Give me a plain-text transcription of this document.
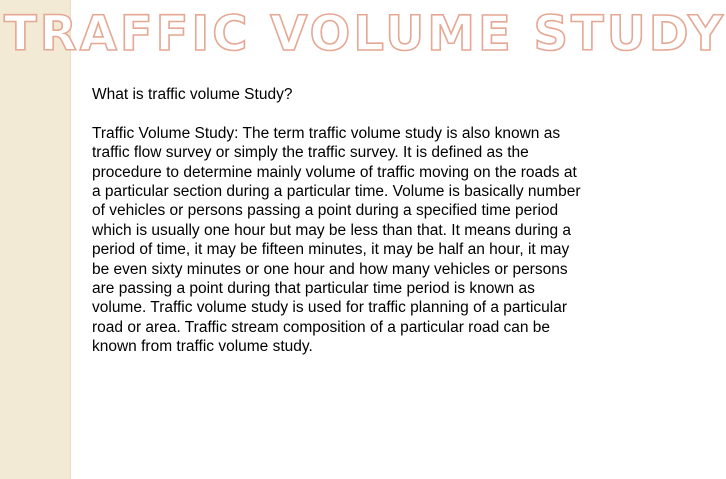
TRAFFIC VOLUME STUDY

What is traffic volume Study?

Traffic Volume Study: The term traffic volume study is also known as
traffic flow survey or simply the traffic survey. It is defined as the
procedure to determine mainly volume of traffic moving on the roads at
a particular section during a particular time. Volume is basically number
of vehicles or persons passing a point during a specified time period
which is usually one hour but may be less than that. It means during a
period of time, it may be fifteen minutes, it may be half an hour, it may
be even sixty minutes or one hour and how many vehicles or persons
are passing a point during that particular time period is known as
volume. Traffic volume study is used for traffic planning of a particular
road or area. Traffic stream composition of a particular road can be
known from traffic volume study.
